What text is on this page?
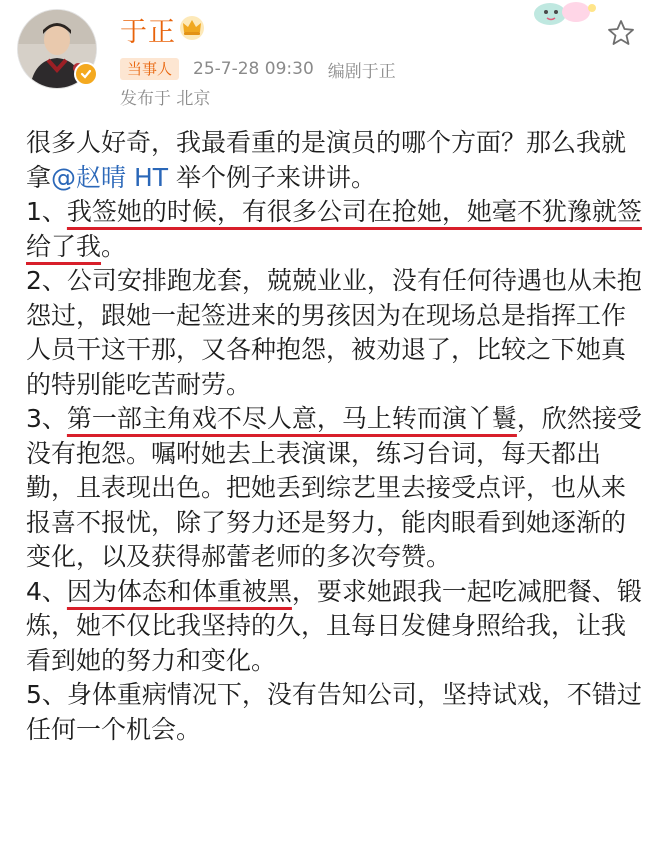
于正
当事人	25-7-28 09:30 编剧于正
发布于 北京

很多人好奇，我最看重的是演员的哪个方面？那么我就拿@赵晴 HT 举个例子来讲讲。

1、我签她的时候，有很多公司在抢她，她毫不犹豫就签给了我。

2、公司安排跑龙套，兢兢业业，没有任何待遇也从未抱怨过，跟她一起签进来的男孩因为在现场总是指挥工作人员干这干那，又各种抱怨，被劝退了，比较之下她真的特别能吃苦耐劳。

3、第一部主角戏不尽人意，马上转而演丫鬟，欣然接受没有抱怨。嘱咐她去上表演课，练习台词，每天都出勤，且表现出色。把她丢到综艺里去接受点评，也从来报喜不报忧，除了努力还是努力，能肉眼看到她逐渐的变化，以及获得郝蕾老师的多次夸赞。

4、因为体态和体重被黑，要求她跟我一起吃减肥餐、锻炼，她不仅比我坚持的久，且每日发健身照给我，让我看到她的努力和变化。

5、身体重病情况下，没有告知公司，坚持试戏，不错过任何一个机会。
